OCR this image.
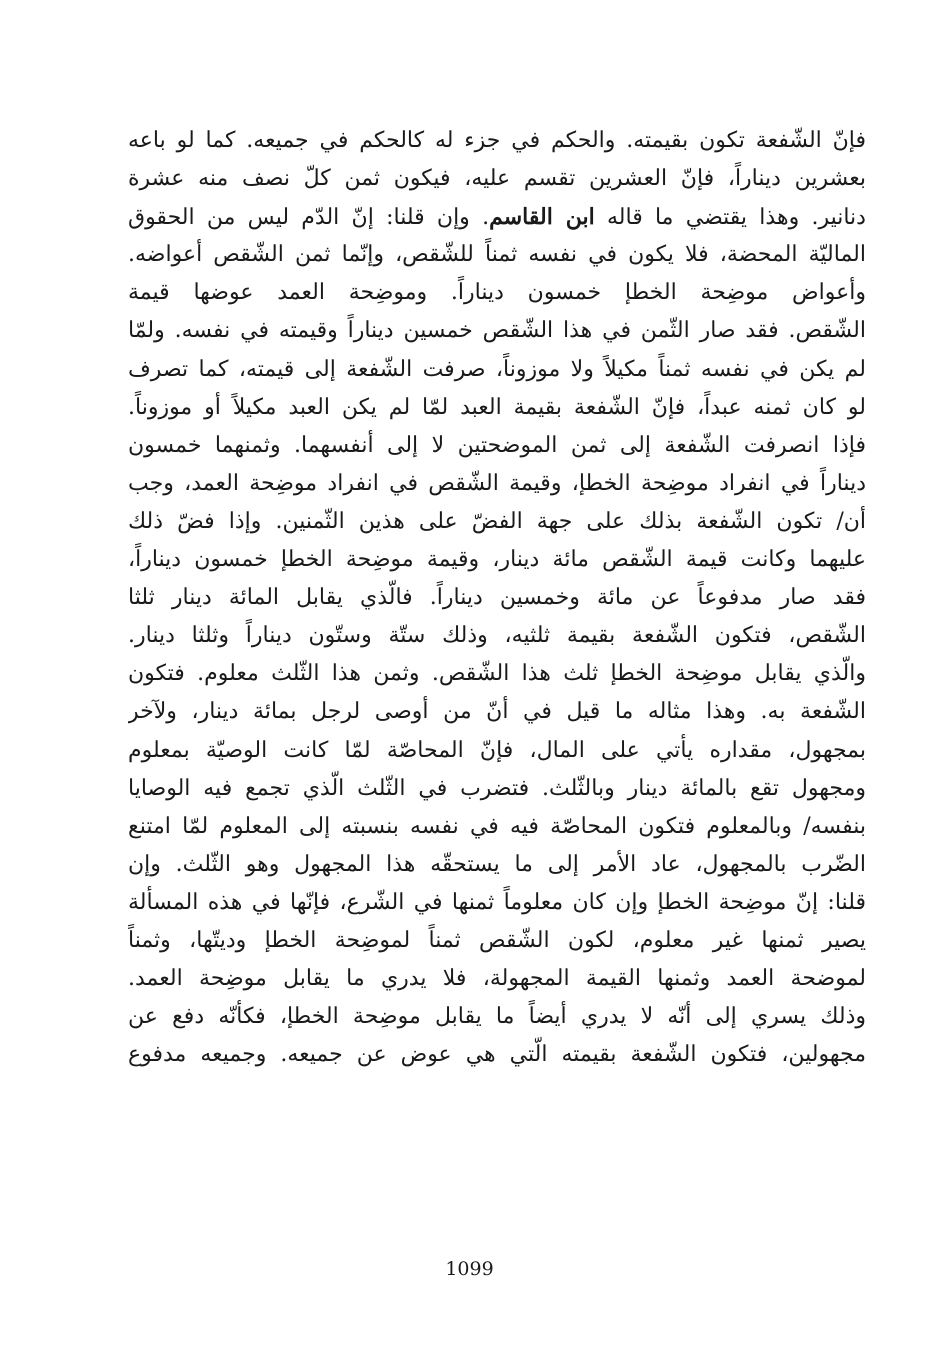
فإنّ الشّفعة تكون بقيمته. والحكم في جزء له كالحكم في جميعه. كما لو باعه
بعشرين ديناراً، فإنّ العشرين تقسم عليه، فيكون ثمن كلّ نصف منه عشرة
دنانير. وهذا يقتضي ما قاله ابن القاسم. وإن قلنا: إنّ الدّم ليس من الحقوق
الماليّة المحضة، فلا يكون في نفسه ثمناً للشّقص، وإنّما ثمن الشّقص أعواضه.
وأعواض موضِحة الخطإ خمسون ديناراً. وموضِحة العمد عوضها قيمة
الشّقص. فقد صار الثّمن في هذا الشّقص خمسين ديناراً وقيمته في نفسه. ولمّا
لم يكن في نفسه ثمناً مكيلاً ولا موزوناً، صرفت الشّفعة إلى قيمته، كما تصرف
لو كان ثمنه عبداً، فإنّ الشّفعة بقيمة العبد لمّا لم يكن العبد مكيلاً أو موزوناً.
فإذا انصرفت الشّفعة إلى ثمن الموضحتين لا إلى أنفسهما. وثمنهما خمسون
ديناراً في انفراد موضِحة الخطإ، وقيمة الشّقص في انفراد موضِحة العمد، وجب
أن/ تكون الشّفعة بذلك على جهة الفضّ على هذين الثّمنين. وإذا فضّ ذلك
عليهما وكانت قيمة الشّقص مائة دينار، وقيمة موضِحة الخطإ خمسون ديناراً،
فقد صار مدفوعاً عن مائة وخمسين ديناراً. فالّذي يقابل المائة دينار ثلثا
الشّقص، فتكون الشّفعة بقيمة ثلثيه، وذلك ستّة وستّون ديناراً وثلثا دينار.
والّذي يقابل موضِحة الخطإ ثلث هذا الشّقص. وثمن هذا الثّلث معلوم. فتكون
الشّفعة به. وهذا مثاله ما قيل في أنّ من أوصى لرجل بمائة دينار، ولآخر
بمجهول، مقداره يأتي على المال، فإنّ المحاصّة لمّا كانت الوصيّة بمعلوم
ومجهول تقع بالمائة دينار وبالثّلث. فتضرب في الثّلث الّذي تجمع فيه الوصايا
بنفسه/ وبالمعلوم فتكون المحاصّة فيه في نفسه بنسبته إلى المعلوم لمّا امتنع
الضّرب بالمجهول، عاد الأمر إلى ما يستحقّه هذا المجهول وهو الثّلث. وإن
قلنا: إنّ موضِحة الخطإ وإن كان معلوماً ثمنها في الشّرع، فإنّها في هذه المسألة
يصير ثمنها غير معلوم، لكون الشّقص ثمناً لموضِحة الخطإ وديتّها، وثمناً
لموضحة العمد وثمنها القيمة المجهولة، فلا يدري ما يقابل موضِحة العمد.
وذلك يسري إلى أنّه لا يدري أيضاً ما يقابل موضِحة الخطإ، فكأنّه دفع عن
مجهولين، فتكون الشّفعة بقيمته الّتي هي عوض عن جميعه. وجميعه مدفوع
1099
